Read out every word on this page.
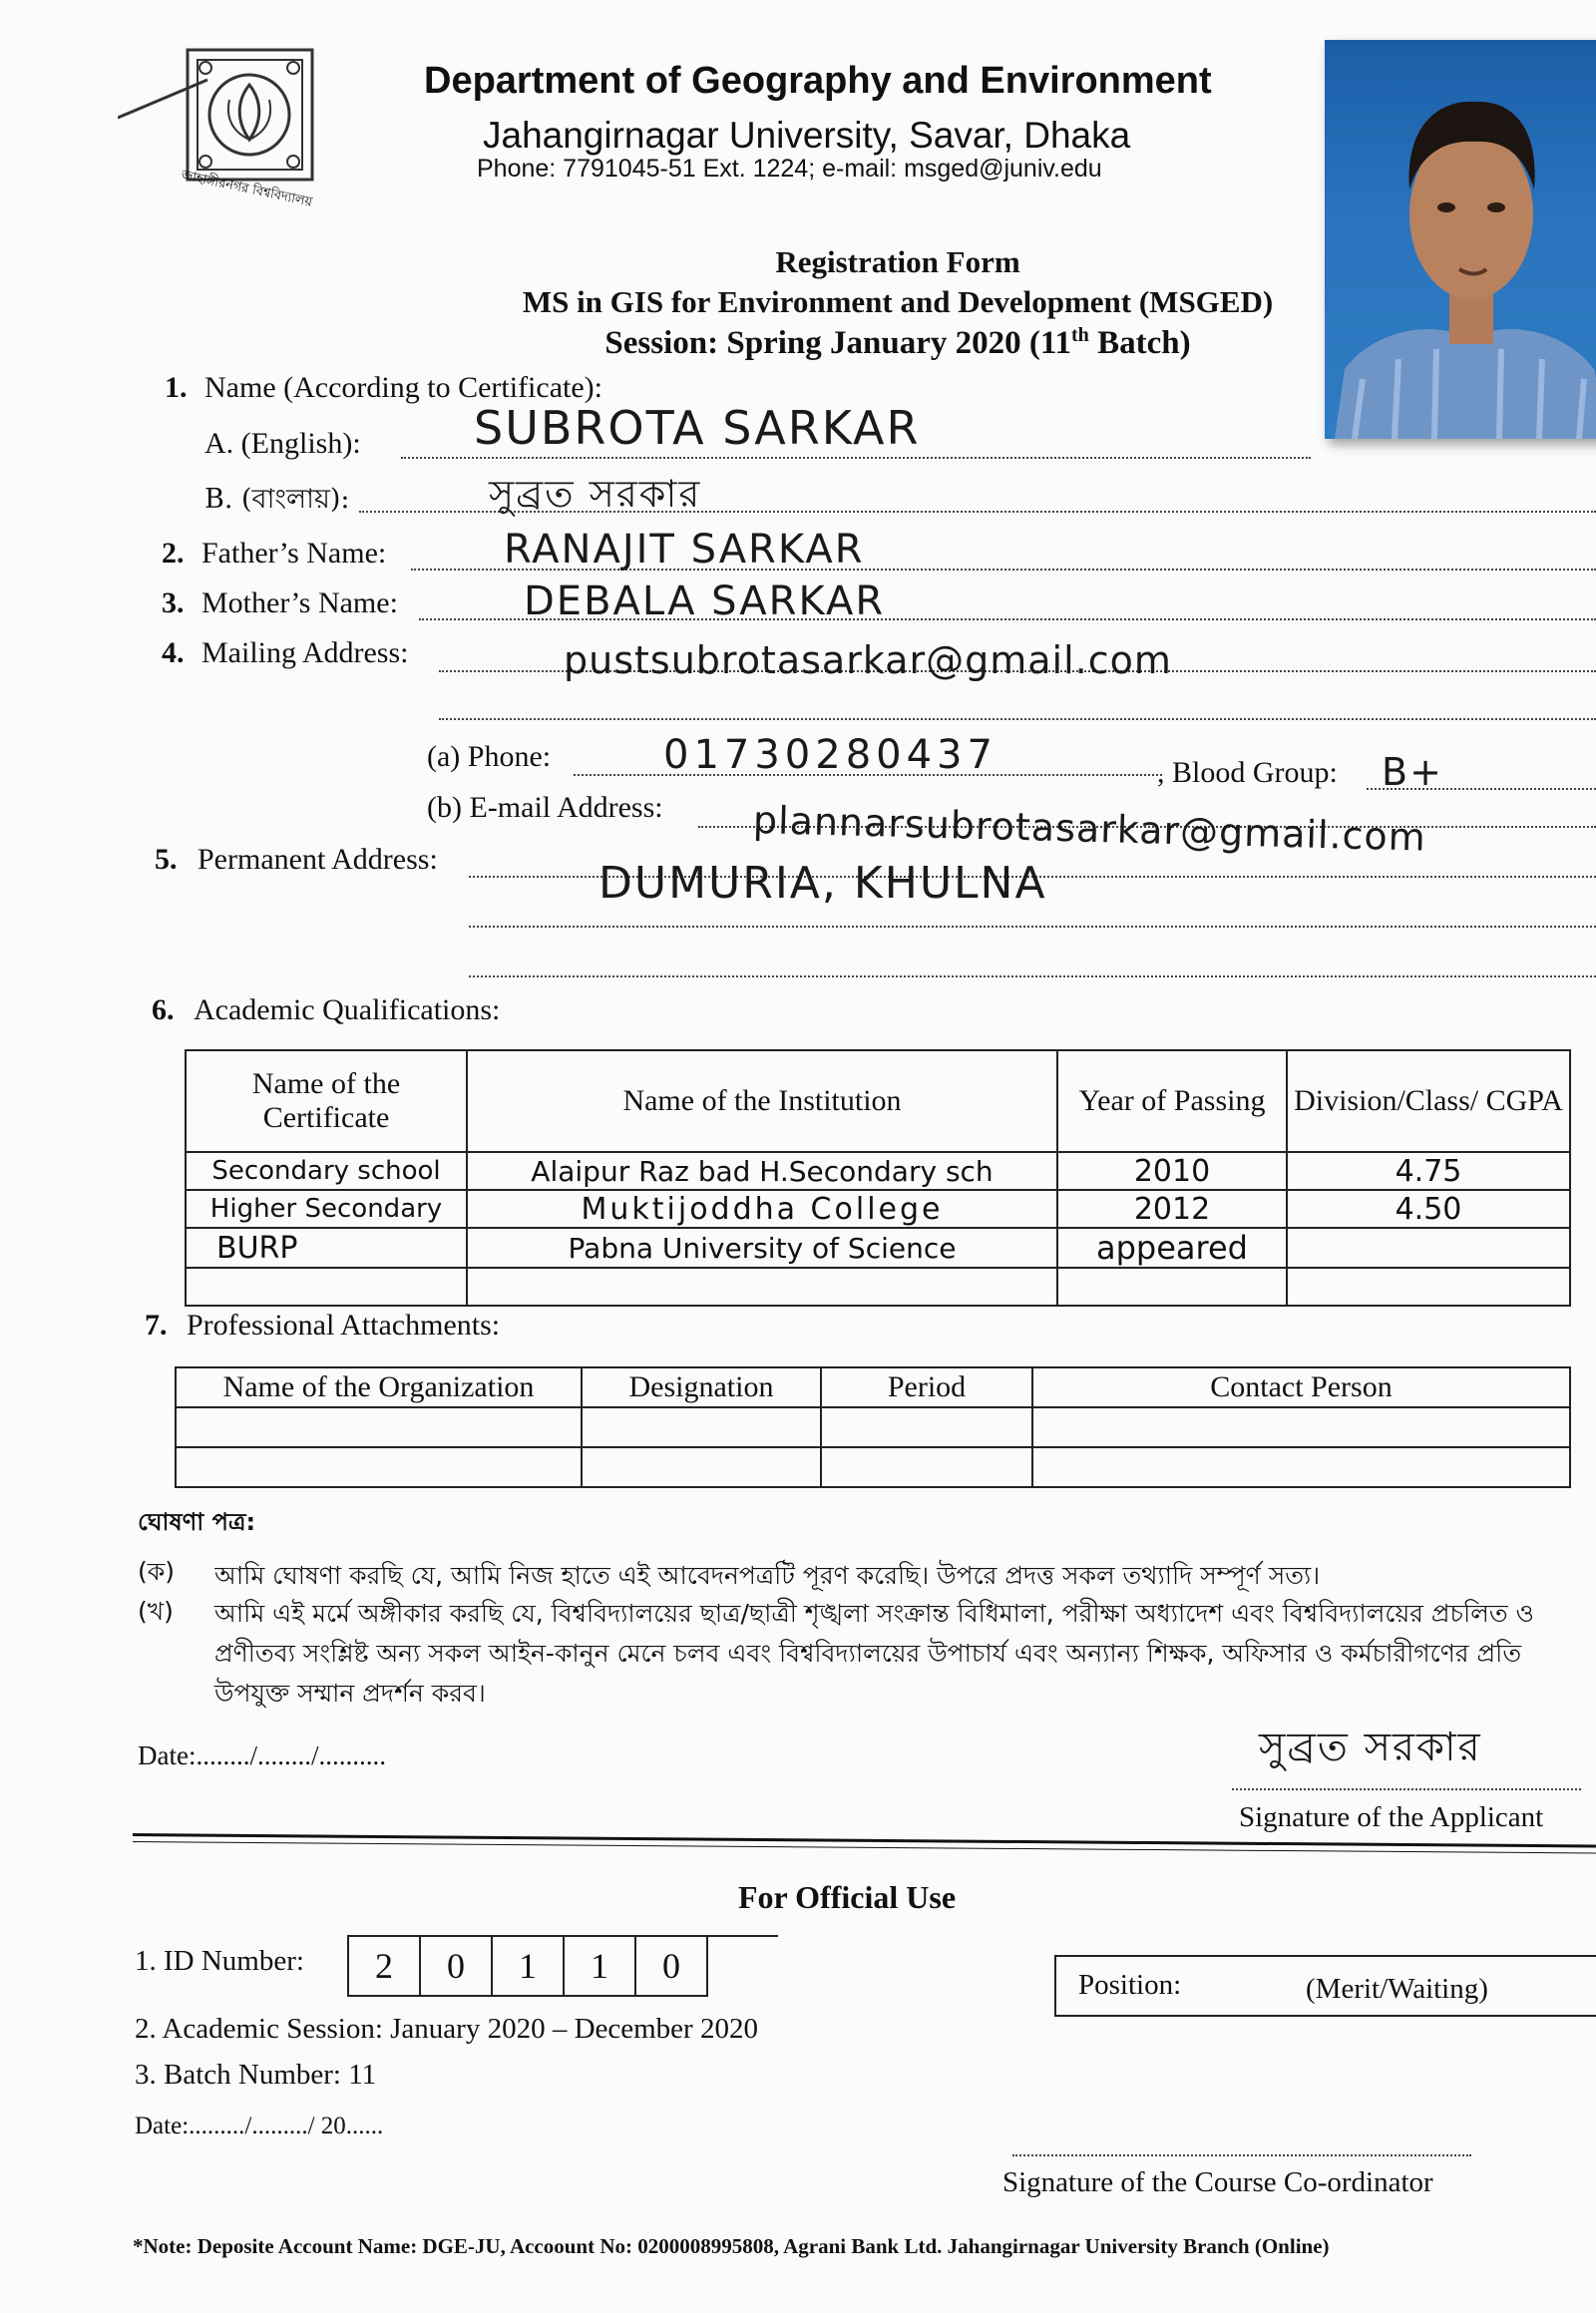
জাহাঙ্গীরনগর বিশ্ববিদ্যালয়
Department of Geography and Environment
Jahangirnagar University, Savar, Dhaka
Phone: 7791045-51 Ext. 1224; e-mail: msged@juniv.edu
Registration Form
MS in GIS for Environment and Development (MSGED)
Session: Spring January 2020 (11th Batch)
1. Name (According to Certificate):
A. (English): SUBROTA SARKAR
B. (বাংলায়):	সুব্রত সরকার
2. Father’s Name:	RANAJIT SARKAR
3. Mother’s Name:	DEBALA SARKAR
4. Mailing Address:	pustsubrotasarkar@gmail.com
(a) Phone:	01730280437	, Blood Group: B+
(b) E-mail Address: plannarsubrotasarkar@gmail.com
5. Permanent Address:	DUMURIA, KHULNA
6. Academic Qualifications:
Name of the Certificate	Name of the Institution	Year of Passing	Division/Class/ CGPA
Secondary school	Alaipur Raz bad H.Secondary sch	2010	4.75
Higher Secondary	Muktijoddha College	2012	4.50
BURP	Pabna University of Science	appeared	

7. Professional Attachments:
Name of the Organization	Designation	Period	Contact Person

ঘোষণা পত্র:
(ক) আমি ঘোষণা করছি যে, আমি নিজ হাতে এই আবেদনপত্রটি পূরণ করেছি। উপরে প্রদত্ত সকল তথ্যাদি সম্পূর্ণ সত্য।
(খ) আমি এই মর্মে অঙ্গীকার করছি যে, বিশ্ববিদ্যালয়ের ছাত্র/ছাত্রী শৃঙ্খলা সংক্রান্ত বিধিমালা, পরীক্ষা অধ্যাদেশ এবং বিশ্ববিদ্যালয়ের প্রচলিত ও প্রণীতব্য সংশ্লিষ্ট অন্য সকল আইন-কানুন মেনে চলব এবং বিশ্ববিদ্যালয়ের উপাচার্য এবং অন্যান্য শিক্ষক, অফিসার ও কর্মচারীগণের প্রতি উপযুক্ত সম্মান প্রদর্শন করব।
Date:......../......../..........	সুব্রত সরকার
Signature of the Applicant
For Official Use
1. ID Number:	2	0	1	1	0
2. Academic Session: January 2020 – December 2020
3. Batch Number: 11
Date:........./........./ 20......
Position:	(Merit/Waiting)
Signature of the Course Co-ordinator
*Note: Deposite Account Name: DGE-JU, Accoount No: 0200008995808, Agrani Bank Ltd. Jahangirnagar University Branch (Online)
